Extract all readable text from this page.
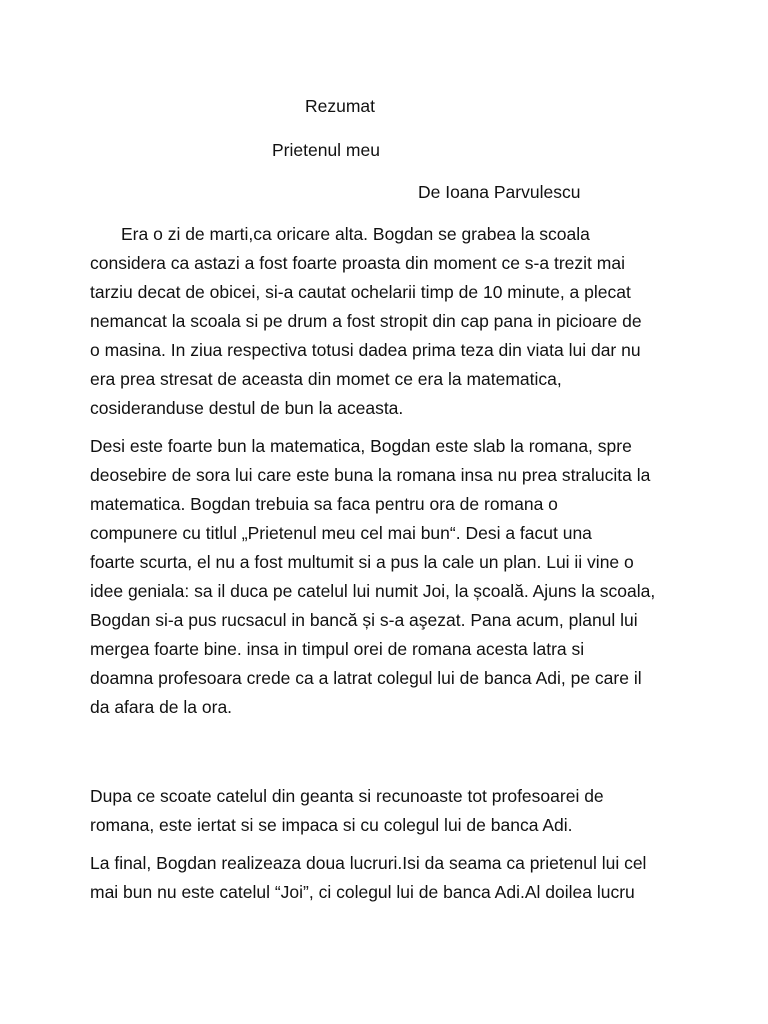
Rezumat
Prietenul meu
De Ioana Parvulescu

Era o zi de marti,ca oricare alta. Bogdan se grabea la scoala
considera ca astazi a fost foarte proasta din moment ce s-a trezit mai
tarziu decat de obicei, si-a cautat ochelarii timp de 10 minute, a plecat
nemancat la scoala si pe drum a fost stropit din cap pana in picioare de
o masina. In ziua respectiva totusi dadea prima teza din viata lui dar nu
era prea stresat de aceasta din momet ce era la matematica,
cosideranduse destul de bun la aceasta.

Desi este foarte bun la matematica, Bogdan este slab la romana, spre
deosebire de sora lui care este buna la romana insa nu prea stralucita la
matematica. Bogdan trebuia sa faca pentru ora de romana o
compunere cu titlul „Prietenul meu cel mai bun“. Desi a facut una
foarte scurta, el nu a fost multumit si a pus la cale un plan. Lui ii vine o
idee geniala: sa il duca pe catelul lui numit Joi, la școală. Ajuns la scoala,
Bogdan si-a pus rucsacul in bancă și s-a aşezat. Pana acum, planul lui
mergea foarte bine. insa in timpul orei de romana acesta latra si
doamna profesoara crede ca a latrat colegul lui de banca Adi, pe care il
da afara de la ora.

Dupa ce scoate catelul din geanta si recunoaste tot profesoarei de
romana, este iertat si se impaca si cu colegul lui de banca Adi.

La final, Bogdan realizeaza doua lucruri.Isi da seama ca prietenul lui cel
mai bun nu este catelul “Joi”, ci colegul lui de banca Adi.Al doilea lucru
